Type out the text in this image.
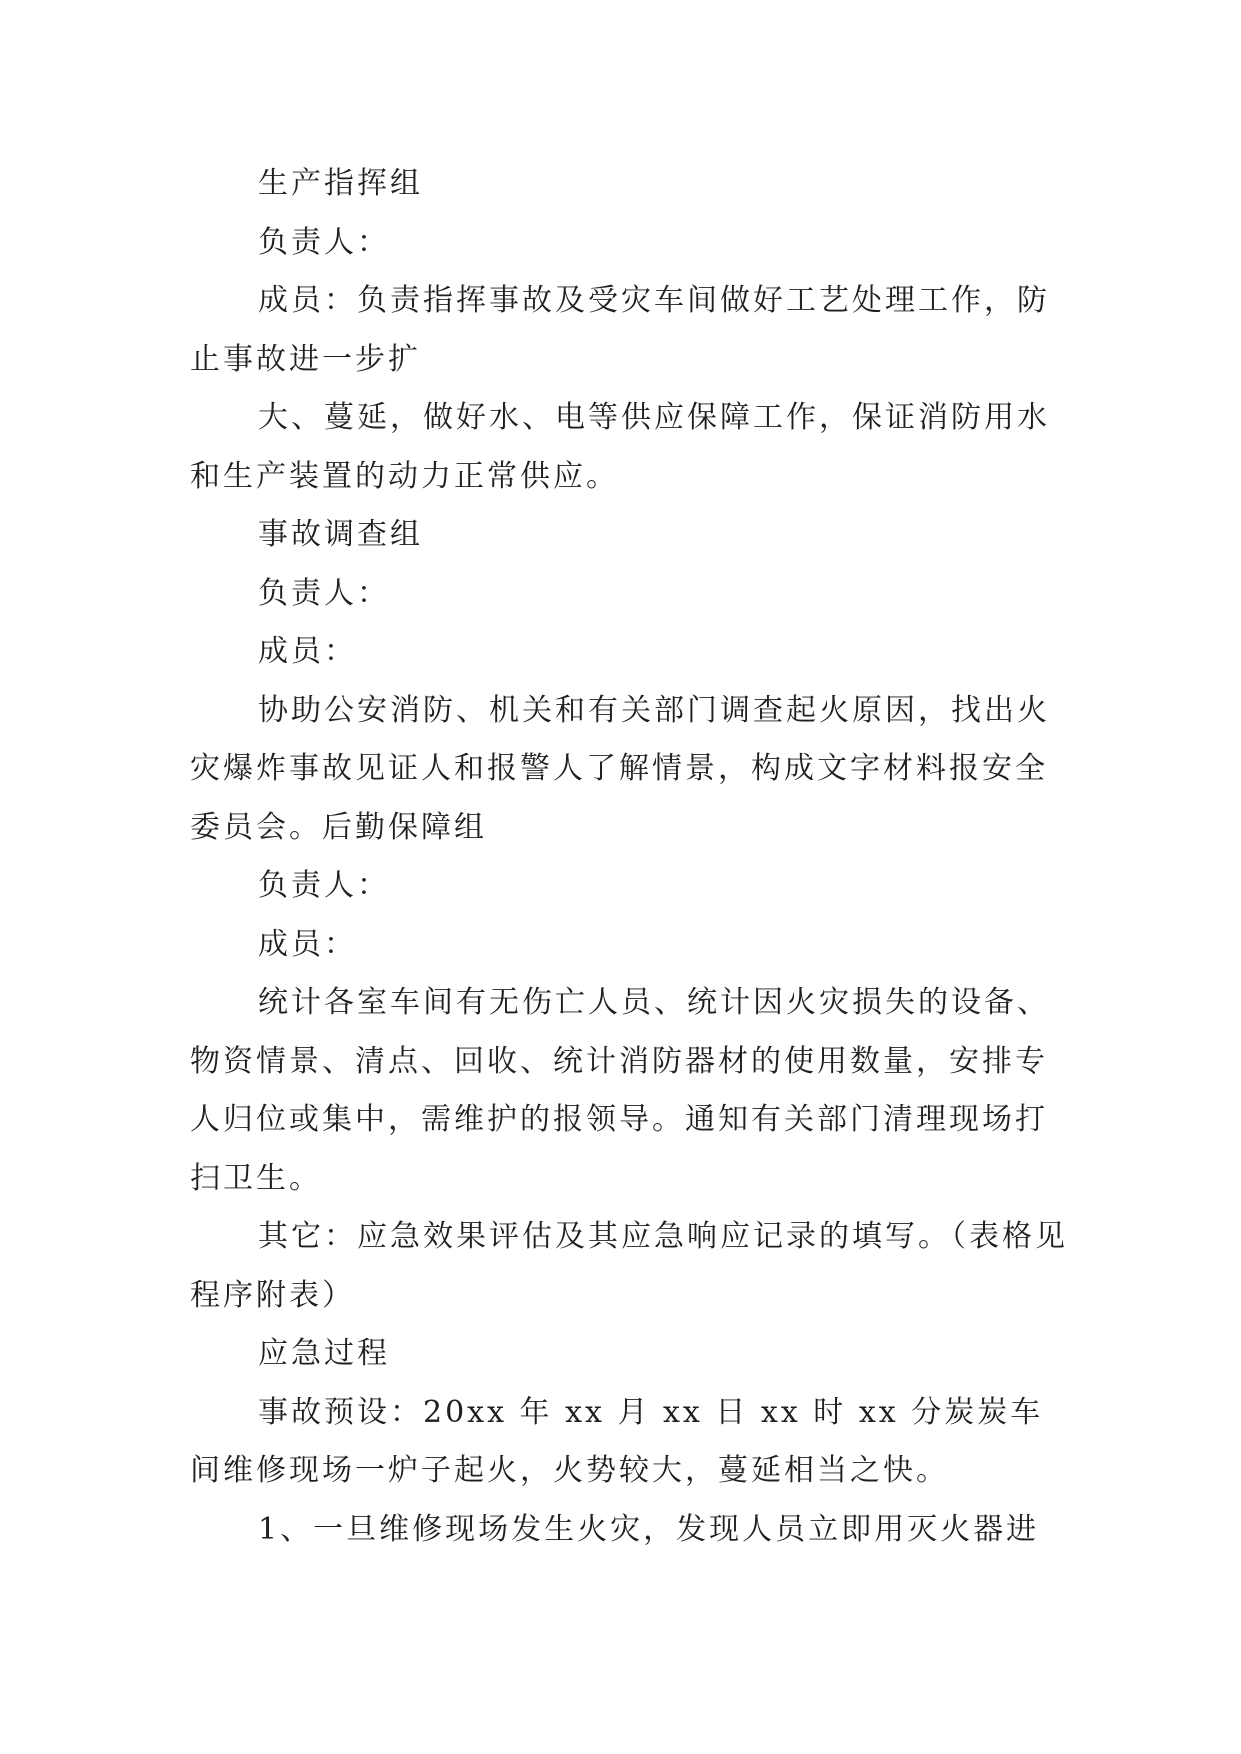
生产指挥组

负责人：

成员：负责指挥事故及受灾车间做好工艺处理工作，防止事故进一步扩

大、蔓延，做好水、电等供应保障工作，保证消防用水和生产装置的动力正常供应。

事故调查组

负责人：

成员：

协助公安消防、机关和有关部门调查起火原因，找出火灾爆炸事故见证人和报警人了解情景，构成文字材料报安全委员会。后勤保障组

负责人：

成员：

统计各室车间有无伤亡人员、统计因火灾损失的设备、物资情景、清点、回收、统计消防器材的使用数量，安排专人归位或集中，需维护的报领导。通知有关部门清理现场打扫卫生。

其它：应急效果评估及其应急响应记录的填写。（表格见程序附表）

应急过程

事故预设：20xx 年 xx 月 xx 日 xx 时 xx 分炭炭车间维修现场一炉子起火，火势较大，蔓延相当之快。

1、一旦维修现场发生火灾，发现人员立即用灭火器进
